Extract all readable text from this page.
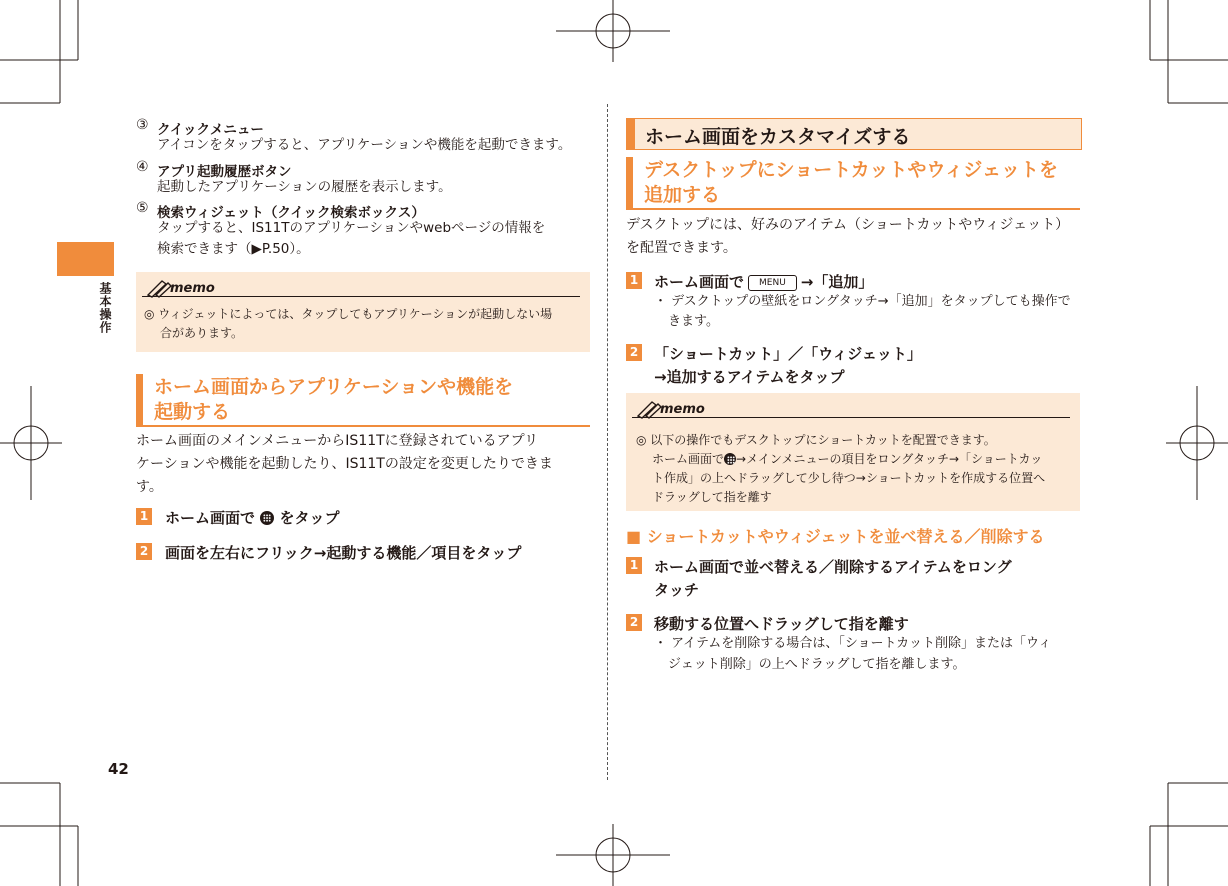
基本操作
42
③ クイックメニュー
アイコンをタップすると、アプリケーションや機能を起動できます。
④ アプリ起動履歴ボタン
起動したアプリケーションの履歴を表示します。
⑤ 検索ウィジェット（クイック検索ボックス）
タップすると、IS11Tのアプリケーションやwebページの情報を
検索できます（▶P.50）。
memo
◎ ウィジェットによっては、タップしてもアプリケーションが起動しない場
合があります。
ホーム画面からアプリケーションや機能を
起動する
ホーム画面のメインメニューからIS11Tに登録されているアプリ
ケーションや機能を起動したり、IS11Tの設定を変更したりできま
す。
1 ホーム画面で をタップ
2 画面を左右にフリック→起動する機能／項目をタップ
ホーム画面をカスタマイズする
デスクトップにショートカットやウィジェットを
追加する
デスクトップには、好みのアイテム（ショートカットやウィジェット）
を配置できます。
1 ホーム画面で MENU →「追加」
・ デスクトップの壁紙をロングタッチ→「追加」をタップしても操作で
きます。
2 「ショートカット」／「ウィジェット」
→追加するアイテムをタップ
memo
◎ 以下の操作でもデスクトップにショートカットを配置できます。
ホーム画面で →メインメニューの項目をロングタッチ→「ショートカッ
ト作成」の上へドラッグして少し待つ→ショートカットを作成する位置へ
ドラッグして指を離す
■ ショートカットやウィジェットを並べ替える／削除する
1 ホーム画面で並べ替える／削除するアイテムをロング
タッチ
2 移動する位置へドラッグして指を離す
・ アイテムを削除する場合は、「ショートカット削除」または「ウィ
ジェット削除」の上へドラッグして指を離します。
